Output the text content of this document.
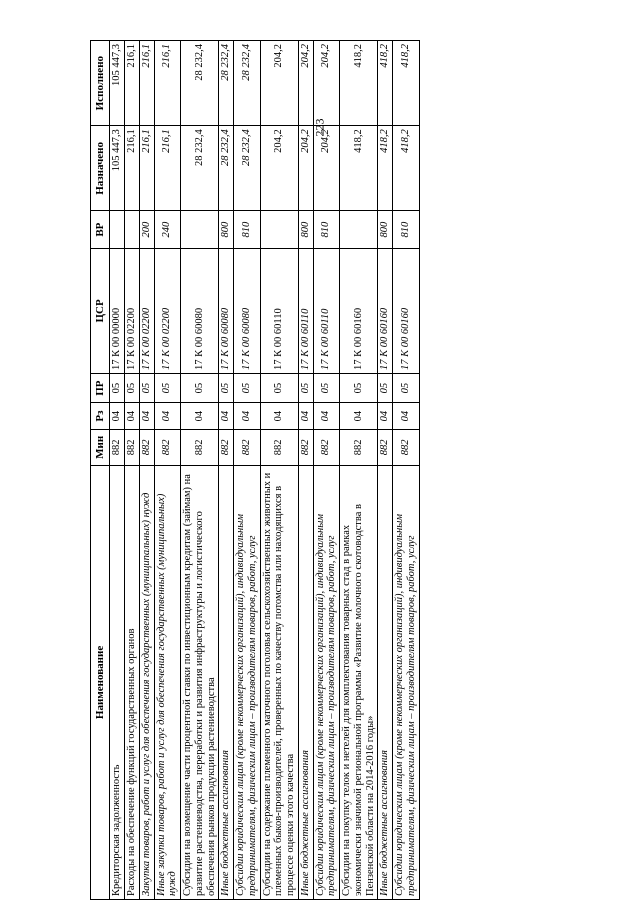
223
Наименование	Мин	Рз	ПР	ЦСР	ВР	Назначено	Исполнено
Кредиторская задолженность	882	04	05	17 К 00 00000		105 447,3	105 447,3
Расходы на обеспечение функций государственных органов	882	04	05	17 К 00 02200		216,1	216,1
Закупка товаров, работ и услуг для обеспечения государственных (муниципальных) нужд	882	04	05	17 К 00 02200	200	216,1	216,1
Иные закупки товаров, работ и услуг для обеспечения государственных (муниципальных) нужд	882	04	05	17 К 00 02200	240	216,1	216,1
Субсидии на возмещение части процентной ставки по инвестиционным кредитам (займам) на развитие растениеводства, переработки и развития инфраструктуры и логистического обеспечения рынков продукции растениеводства	882	04	05	17 К 00 60080		28 232,4	28 232,4
Иные бюджетные ассигнования	882	04	05	17 К 00 60080	800	28 232,4	28 232,4
Субсидии юридическим лицам (кроме некоммерческих организаций), индивидуальным предпринимателям, физическим лицам – производителям товаров, работ, услуг	882	04	05	17 К 00 60080	810	28 232,4	28 232,4
Субсидии на содержание племенного маточного поголовья сельскохозяйственных животных и племенных быков-производителей, проверенных по качеству потомства или находящихся в процессе оценки этого качества	882	04	05	17 К 00 60110		204,2	204,2
Иные бюджетные ассигнования	882	04	05	17 К 00 60110	800	204,2	204,2
Субсидии юридическим лицам (кроме некоммерческих организаций), индивидуальным предпринимателям, физическим лицам – производителям товаров, работ, услуг	882	04	05	17 К 00 60110	810	204,2	204,2
Субсидии на покупку телок и нетелей для комплектования товарных стад в рамках экономически значимой региональной программы «Развитие молочного скотоводства в Пензенской области на 2014-2016 годы»	882	04	05	17 К 00 60160		418,2	418,2
Иные бюджетные ассигнования	882	04	05	17 К 00 60160	800	418,2	418,2
Субсидии юридическим лицам (кроме некоммерческих организаций), индивидуальным предпринимателям, физическим лицам – производителям товаров, работ, услуг	882	04	05	17 К 00 60160	810	418,2	418,2
